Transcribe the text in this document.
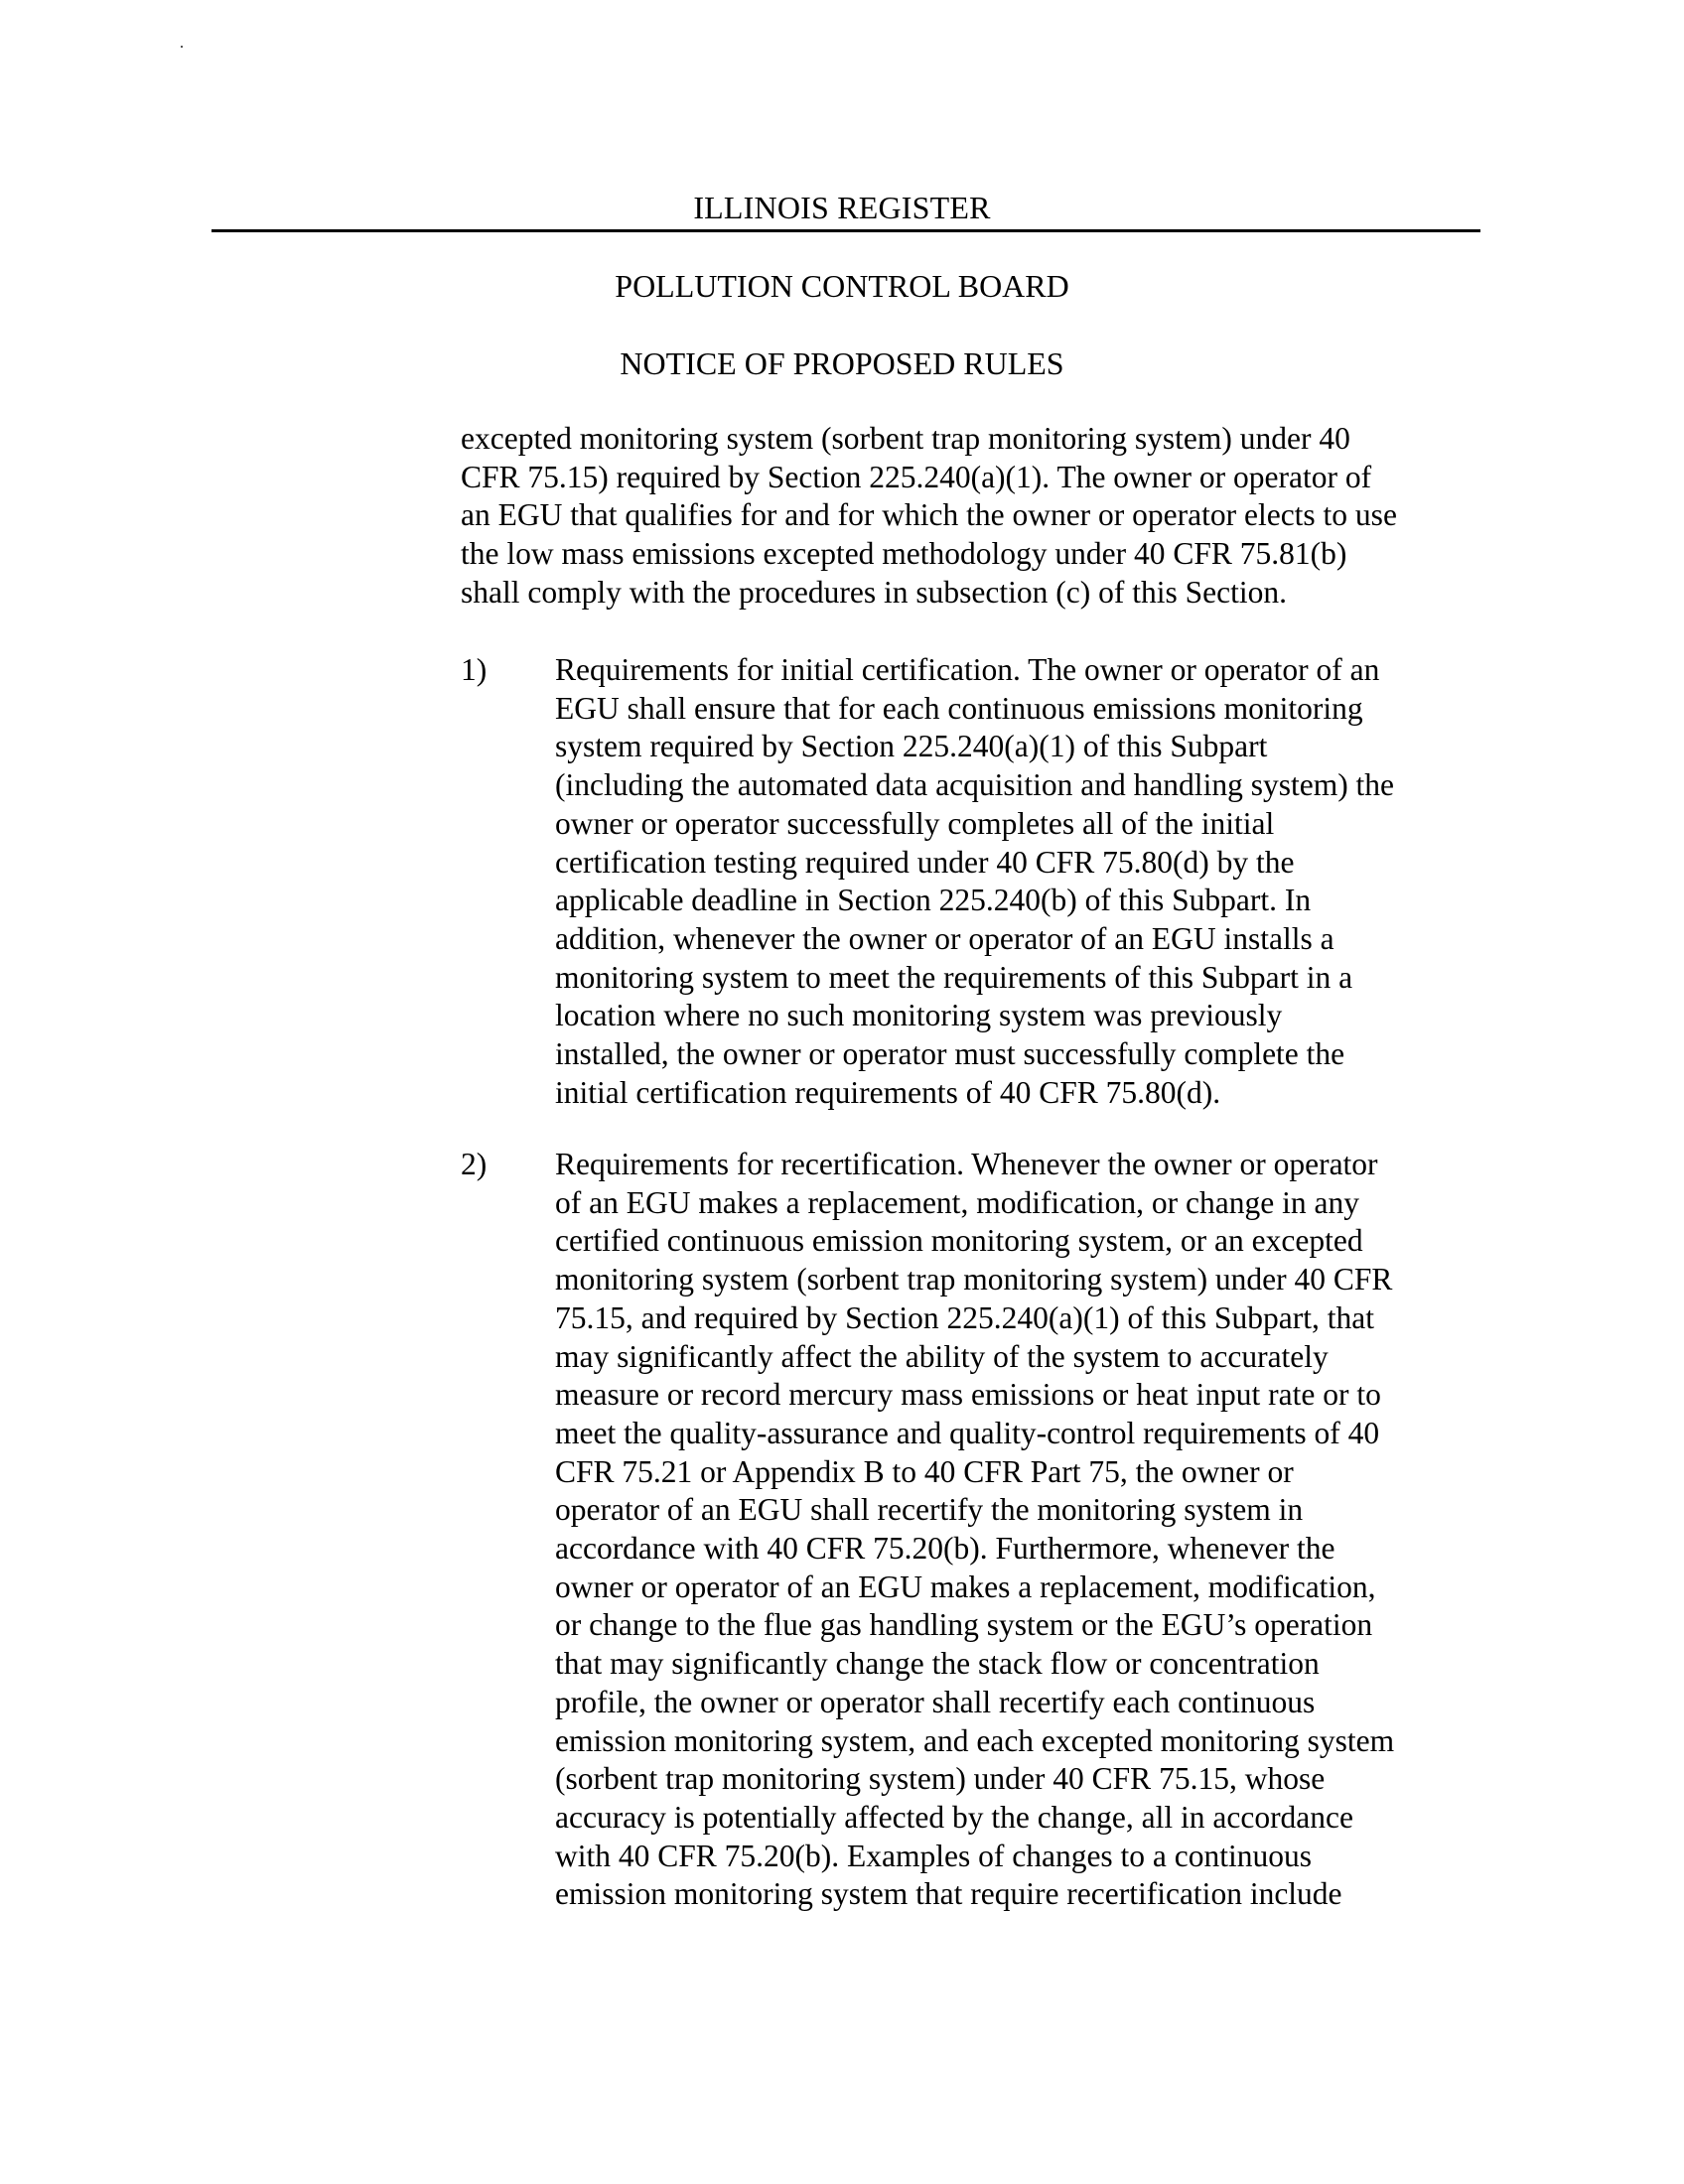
ILLINOIS REGISTER
POLLUTION CONTROL BOARD
NOTICE OF PROPOSED RULES
excepted monitoring system (sorbent trap monitoring system) under 40
CFR 75.15) required by Section 225.240(a)(1). The owner or operator of
an EGU that qualifies for and for which the owner or operator elects to use
the low mass emissions excepted methodology under 40 CFR 75.81(b)
shall comply with the procedures in subsection (c) of this Section.
1)	Requirements for initial certification. The owner or operator of an
EGU shall ensure that for each continuous emissions monitoring
system required by Section 225.240(a)(1) of this Subpart
(including the automated data acquisition and handling system) the
owner or operator successfully completes all of the initial
certification testing required under 40 CFR 75.80(d) by the
applicable deadline in Section 225.240(b) of this Subpart. In
addition, whenever the owner or operator of an EGU installs a
monitoring system to meet the requirements of this Subpart in a
location where no such monitoring system was previously
installed, the owner or operator must successfully complete the
initial certification requirements of 40 CFR 75.80(d).
2)	Requirements for recertification. Whenever the owner or operator
of an EGU makes a replacement, modification, or change in any
certified continuous emission monitoring system, or an excepted
monitoring system (sorbent trap monitoring system) under 40 CFR
75.15, and required by Section 225.240(a)(1) of this Subpart, that
may significantly affect the ability of the system to accurately
measure or record mercury mass emissions or heat input rate or to
meet the quality-assurance and quality-control requirements of 40
CFR 75.21 or Appendix B to 40 CFR Part 75, the owner or
operator of an EGU shall recertify the monitoring system in
accordance with 40 CFR 75.20(b). Furthermore, whenever the
owner or operator of an EGU makes a replacement, modification,
or change to the flue gas handling system or the EGU’s operation
that may significantly change the stack flow or concentration
profile, the owner or operator shall recertify each continuous
emission monitoring system, and each excepted monitoring system
(sorbent trap monitoring system) under 40 CFR 75.15, whose
accuracy is potentially affected by the change, all in accordance
with 40 CFR 75.20(b). Examples of changes to a continuous
emission monitoring system that require recertification include
